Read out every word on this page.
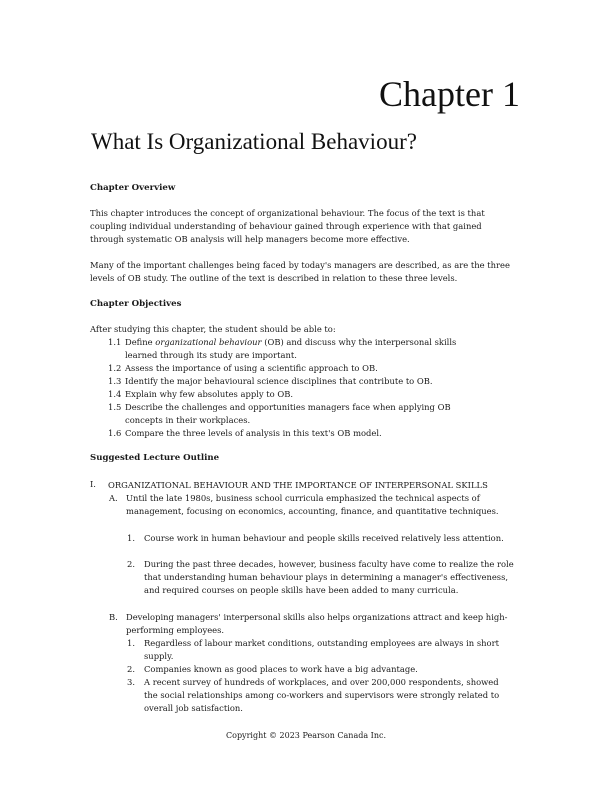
Chapter 1
What Is Organizational Behaviour?
Chapter Overview
This chapter introduces the concept of organizational behaviour. The focus of the text is that coupling individual understanding of behaviour gained through experience with that gained through systematic OB analysis will help managers become more effective.
Many of the important challenges being faced by today's managers are described, as are the three levels of OB study. The outline of the text is described in relation to these three levels.
Chapter Objectives
After studying this chapter, the student should be able to:
1.1 Define organizational behaviour (OB) and discuss why the interpersonal skills
learned through its study are important.
1.2 Assess the importance of using a scientific approach to OB.
1.3 Identify the major behavioural science disciplines that contribute to OB.
1.4 Explain why few absolutes apply to OB.
1.5 Describe the challenges and opportunities managers face when applying OB
concepts in their workplaces.
1.6 Compare the three levels of analysis in this text's OB model.
Suggested Lecture Outline
I. ORGANIZATIONAL BEHAVIOUR AND THE IMPORTANCE OF INTERPERSONAL SKILLS
A. Until the late 1980s, business school curricula emphasized the technical aspects of management, focusing on economics, accounting, finance, and quantitative techniques.
1. Course work in human behaviour and people skills received relatively less attention.
2. During the past three decades, however, business faculty have come to realize the role that understanding human behaviour plays in determining a manager's effectiveness, and required courses on people skills have been added to many curricula.
B. Developing managers' interpersonal skills also helps organizations attract and keep high-performing employees.
1. Regardless of labour market conditions, outstanding employees are always in short supply.
2. Companies known as good places to work have a big advantage.
3. A recent survey of hundreds of workplaces, and over 200,000 respondents, showed the social relationships among co-workers and supervisors were strongly related to overall job satisfaction.
Copyright © 2023 Pearson Canada Inc.
